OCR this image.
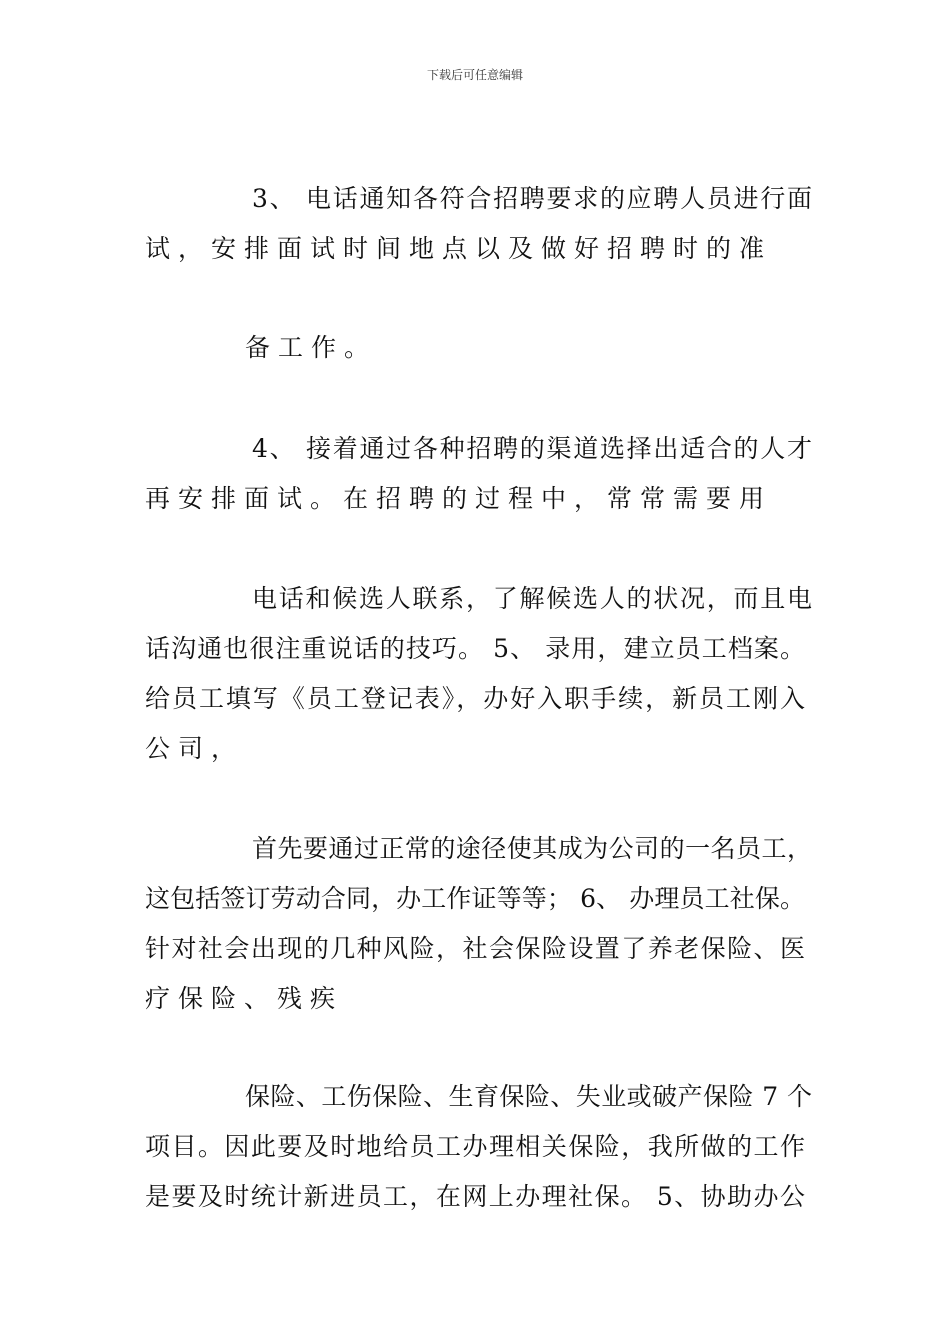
下载后可任意编辑
3、 电话通知各符合招聘要求的应聘人员进行面
试，安排面试时间地点以及做好招聘时的准
备工作。
4、 接着通过各种招聘的渠道选择出适合的人才
再安排面试。在招聘的过程中，常常需要用
电话和候选人联系，了解候选人的状况，而且电
话沟通也很注重说话的技巧。 5、 录用，建立员工档案。
给员工填写《员工登记表》，办好入职手续，新员工刚入
公司，
首先要通过正常的途径使其成为公司的一名员工，
这包括签订劳动合同，办工作证等等； 6、 办理员工社保。
针对社会出现的几种风险，社会保险设置了养老保险、医
疗保险、残疾
保险、工伤保险、生育保险、失业或破产保险 7 个
项目。因此要及时地给员工办理相关保险，我所做的工作
是要及时统计新进员工，在网上办理社保。 5、协助办公
